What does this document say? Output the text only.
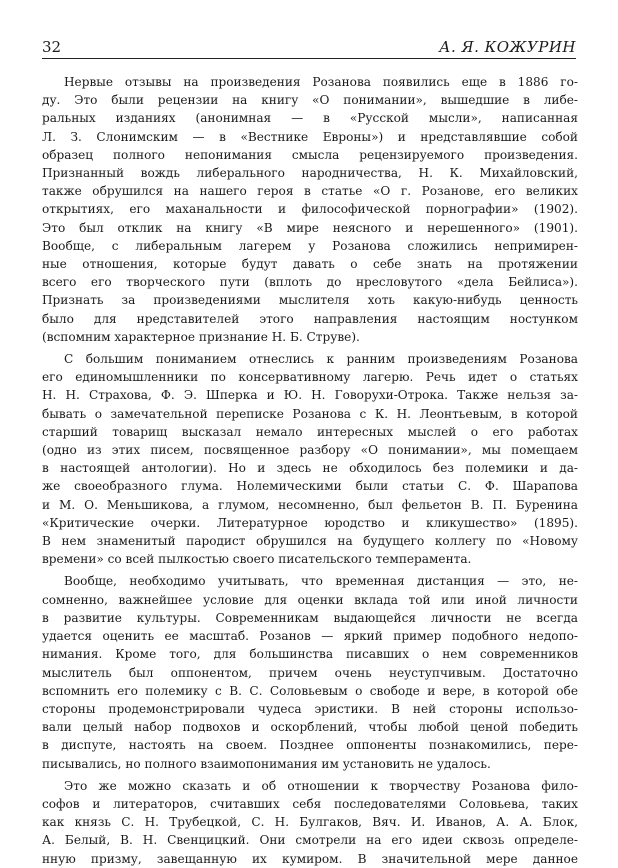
32	А. Я. КОЖУРИН

Нервые отзывы на произведения Розанова появились еще в 1886 го-
ду. Это были рецензии на книгу «О понимании», вышедшие в либе-
ральных изданиях (анонимная — в «Русской мысли», написанная
Л. З. Слонимским — в «Вестнике Евроны») и нредставлявшие собой
образец полного непонимания смысла рецензируемого произведения.
Признанный вождь либерального народничества, Н. К. Михайловский,
также обрушился на нашего героя в статье «О г. Розанове, его великих
открытиях, его маханальности и философической порнографии» (1902).
Это был отклик на книгу «В мире неясного и нерешенного» (1901).
Вообще, с либеральным лагерем у Розанова сложились непримирен-
ные отношения, которые будут давать о себе знать на протяжении
всего его творческого пути (вплоть до нресловутого «дела Бейлиса»).
Признать за произведениями мыслителя хоть какую-нибудь ценность
было для нредставителей этого направления настоящим ностунком
(вспомним характерное признание Н. Б. Струве).

С большим пониманием отнеслись к ранним произведениям Розанова
его единомышленники по консервативному лагерю. Речь идет о статьях
Н. Н. Страхова, Ф. Э. Шперка и Ю. Н. Говорухи-Отрока. Также нельзя за-
бывать о замечательной переписке Розанова с К. Н. Леонтьевым, в которой
старший товарищ высказал немало интересных мыслей о его работах
(одно из этих писем, посвященное разбору «О понимании», мы помещаем
в настоящей антологии). Но и здесь не обходилось без полемики и да-
же своеобразного глума. Нолемическими были статьи С. Ф. Шарапова
и М. О. Меньшикова, а глумом, несомненно, был фельетон В. П. Буренина
«Критические очерки. Литературное юродство и кликушество» (1895).
В нем знаменитый пародист обрушился на будущего коллегу по «Новому
времени» со всей пылкостью своего писательского темперамента.

Вообще, необходимо учитывать, что временная дистанция — это, не-
сомненно, важнейшее условие для оценки вклада той или иной личности
в развитие культуры. Современникам выдающейся личности не всегда
удается оценить ее масштаб. Розанов — яркий пример подобного недопо-
нимания. Кроме того, для большинства писавших о нем современников
мыслитель был оппонентом, причем очень неуступчивым. Достаточно
вспомнить его полемику с В. С. Соловьевым о свободе и вере, в которой обе
стороны продемонстрировали чудеса эристики. В ней стороны использо-
вали целый набор подвохов и оскорблений, чтобы любой ценой победить
в диспуте, настоять на своем. Позднее оппоненты познакомились, пере-
писывались, но полного взаимопонимания им установить не удалось.

Это же можно сказать и об отношении к творчеству Розанова фило-
софов и литераторов, считавших себя последователями Соловьева, таких
как князь С. Н. Трубецкой, С. Н. Булгаков, Вяч. И. Иванов, А. А. Блок,
А. Белый, В. Н. Свенцицкий. Они смотрели на его идеи сквозь определе-
нную призму, завещанную их кумиром. В значительной мере данное
